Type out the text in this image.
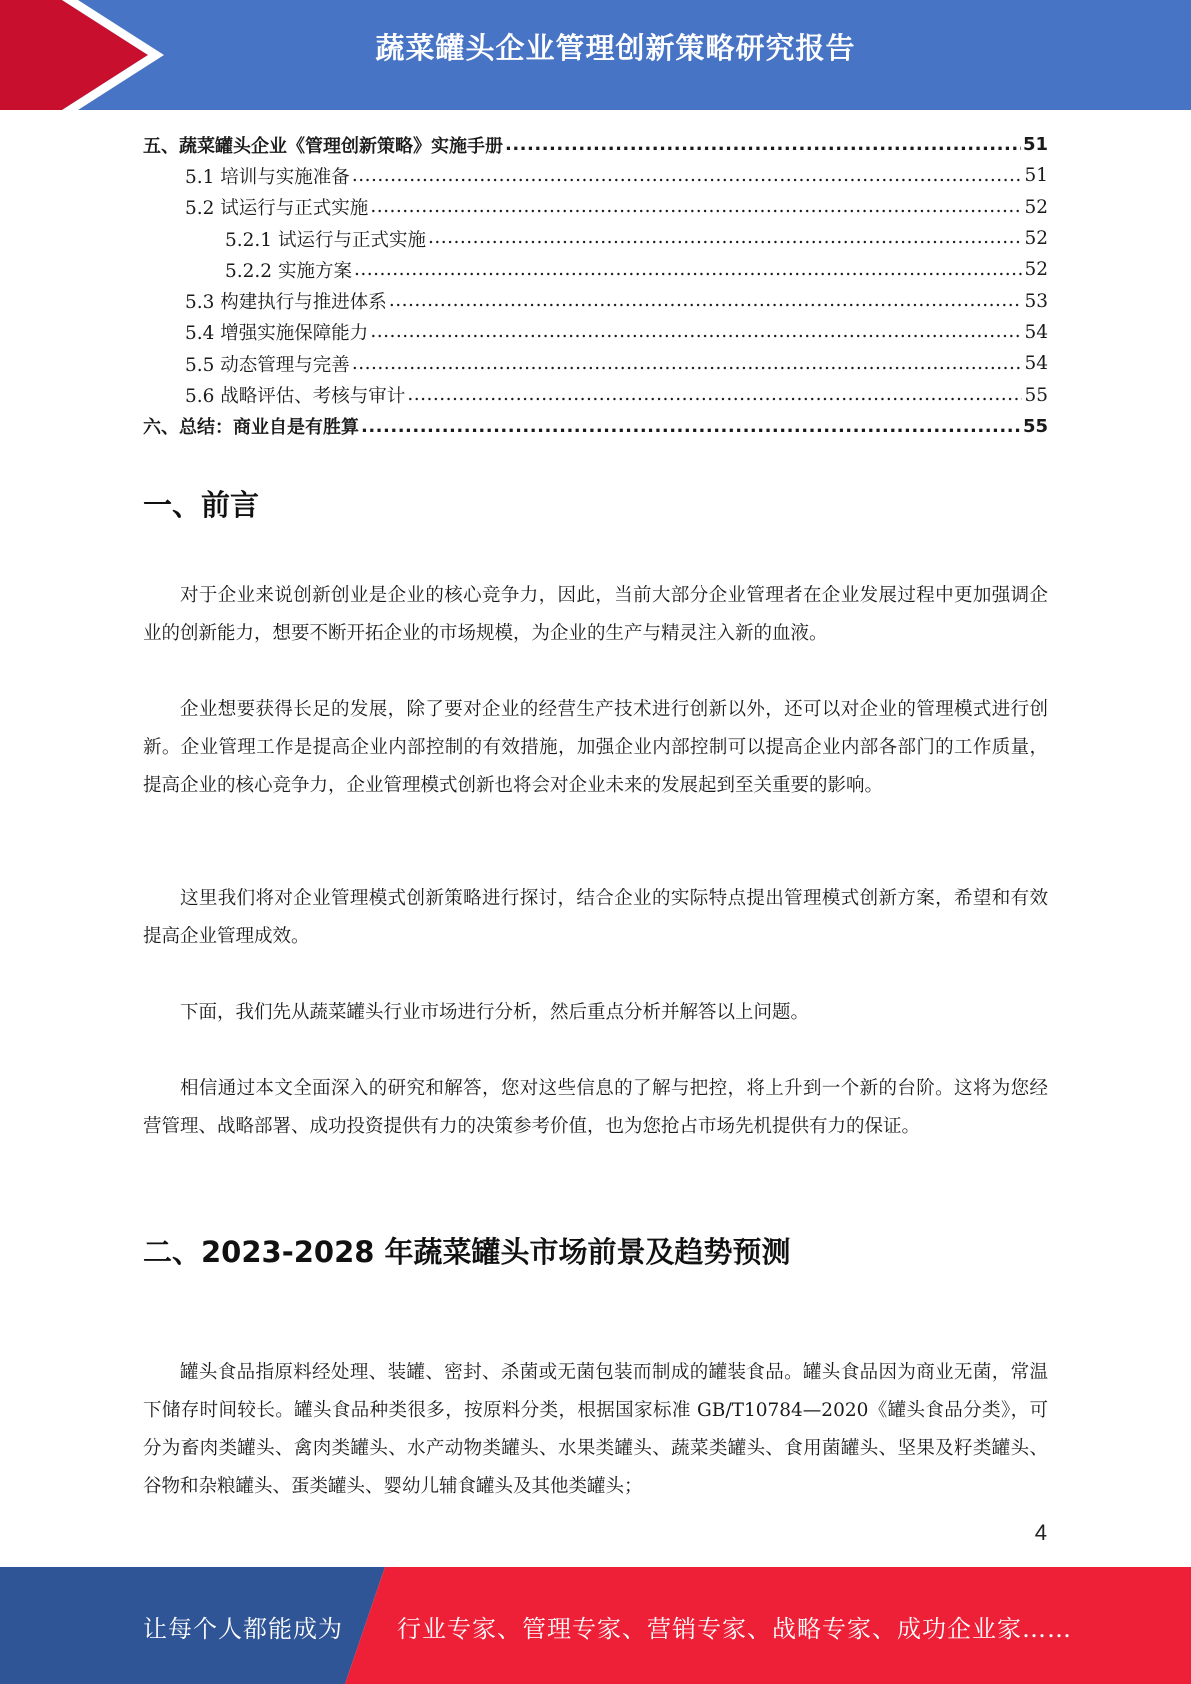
蔬菜罐头企业管理创新策略研究报告
五、蔬菜罐头企业《管理创新策略》实施手册 .....	51
5.1 培训与实施准备 .....	51
5.2 试运行与正式实施 .....	52
5.2.1 试运行与正式实施 .....	52
5.2.2 实施方案 .....	52
5.3 构建执行与推进体系 .....	53
5.4 增强实施保障能力 .....	54
5.5 动态管理与完善 .....	54
5.6 战略评估、考核与审计 .....	55
六、总结：商业自是有胜算 .....	55
一、前言

对于企业来说创新创业是企业的核心竞争力，因此，当前大部分企业管理者在企业发展过程中更加强调企业的创新能力，想要不断开拓企业的市场规模，为企业的生产与精灵注入新的血液。

企业想要获得长足的发展，除了要对企业的经营生产技术进行创新以外，还可以对企业的管理模式进行创新。企业管理工作是提高企业内部控制的有效措施，加强企业内部控制可以提高企业内部各部门的工作质量，提高企业的核心竞争力，企业管理模式创新也将会对企业未来的发展起到至关重要的影响。

这里我们将对企业管理模式创新策略进行探讨，结合企业的实际特点提出管理模式创新方案，希望和有效提高企业管理成效。

下面，我们先从蔬菜罐头行业市场进行分析，然后重点分析并解答以上问题。

相信通过本文全面深入的研究和解答，您对这些信息的了解与把控，将上升到一个新的台阶。这将为您经营管理、战略部署、成功投资提供有力的决策参考价值，也为您抢占市场先机提供有力的保证。

二、2023-2028 年蔬菜罐头市场前景及趋势预测

罐头食品指原料经处理、装罐、密封、杀菌或无菌包装而制成的罐装食品。罐头食品因为商业无菌，常温下储存时间较长。罐头食品种类很多，按原料分类，根据国家标准 GB/T10784—2020《罐头食品分类》，可分为畜肉类罐头、禽肉类罐头、水产动物类罐头、水果类罐头、蔬菜类罐头、食用菌罐头、坚果及籽类罐头、谷物和杂粮罐头、蛋类罐头、婴幼儿辅食罐头及其他类罐头；

4
让每个人都能成为 行业专家、管理专家、营销专家、战略专家、成功企业家……
